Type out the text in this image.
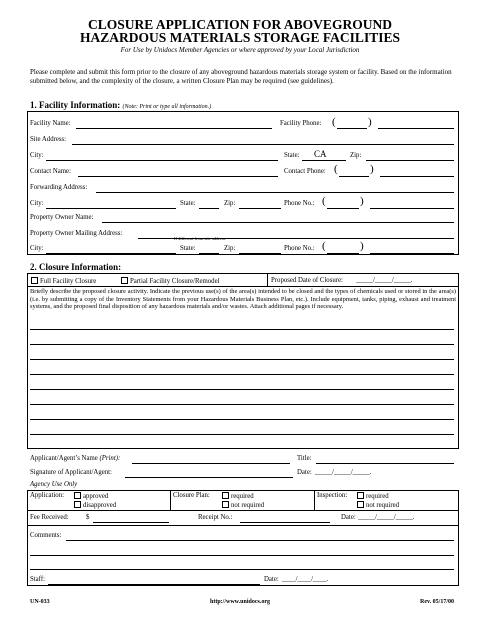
CLOSURE APPLICATION FOR ABOVEGROUND
HAZARDOUS MATERIALS STORAGE FACILITIES
For Use by Unidocs Member Agencies or where approved by your Local Jurisdiction
Please complete and submit this form prior to the closure of any aboveground hazardous materials storage system or facility. Based on the information submitted below, and the complexity of the closure, a written Closure Plan may be required (see guidelines).
1. Facility Information: (Note: Print or type all information.)
Facility Name:	Facility Phone: (	)
Site Address:
City:	State: CA	Zip:
Contact Name:	Contact Phone: (	)
Forwarding Address:
City:	State:	Zip:	Phone No.: (	)
Property Owner Name:
Property Owner Mailing Address:
If different from site address
City:	State:	Zip:	Phone No.: (	)
2. Closure Information:
Full Facility Closure	Partial Facility Closure/Remodel	Proposed Date of Closure: _____/_____/_____.
Briefly describe the proposed closure activity. Indicate the previous use(s) of the area(s) intended to be closed and the types of chemicals used or stored in the area(s) (i.e. by submitting a copy of the Inventory Statements from your Hazardous Materials Business Plan, etc.). Include equipment, tanks, piping, exhaust and treatment systems, and the proposed final disposition of any hazardous materials and/or wastes. Attach additional pages if necessary.
Applicant/Agent’s Name (Print):	Title:
Signature of Applicant/Agent:	Date: _____/_____/_____.
Agency Use Only
Application:	approved
disapproved
Closure Plan:	required
not required
Inspection:	required
not required
Fee Received:	$	Receipt No.:	Date: _____/_____/_____.
Comments:
Staff:	Date: ____/____/____.
UN-033	http://www.unidocs.org	Rev. 05/17/00
